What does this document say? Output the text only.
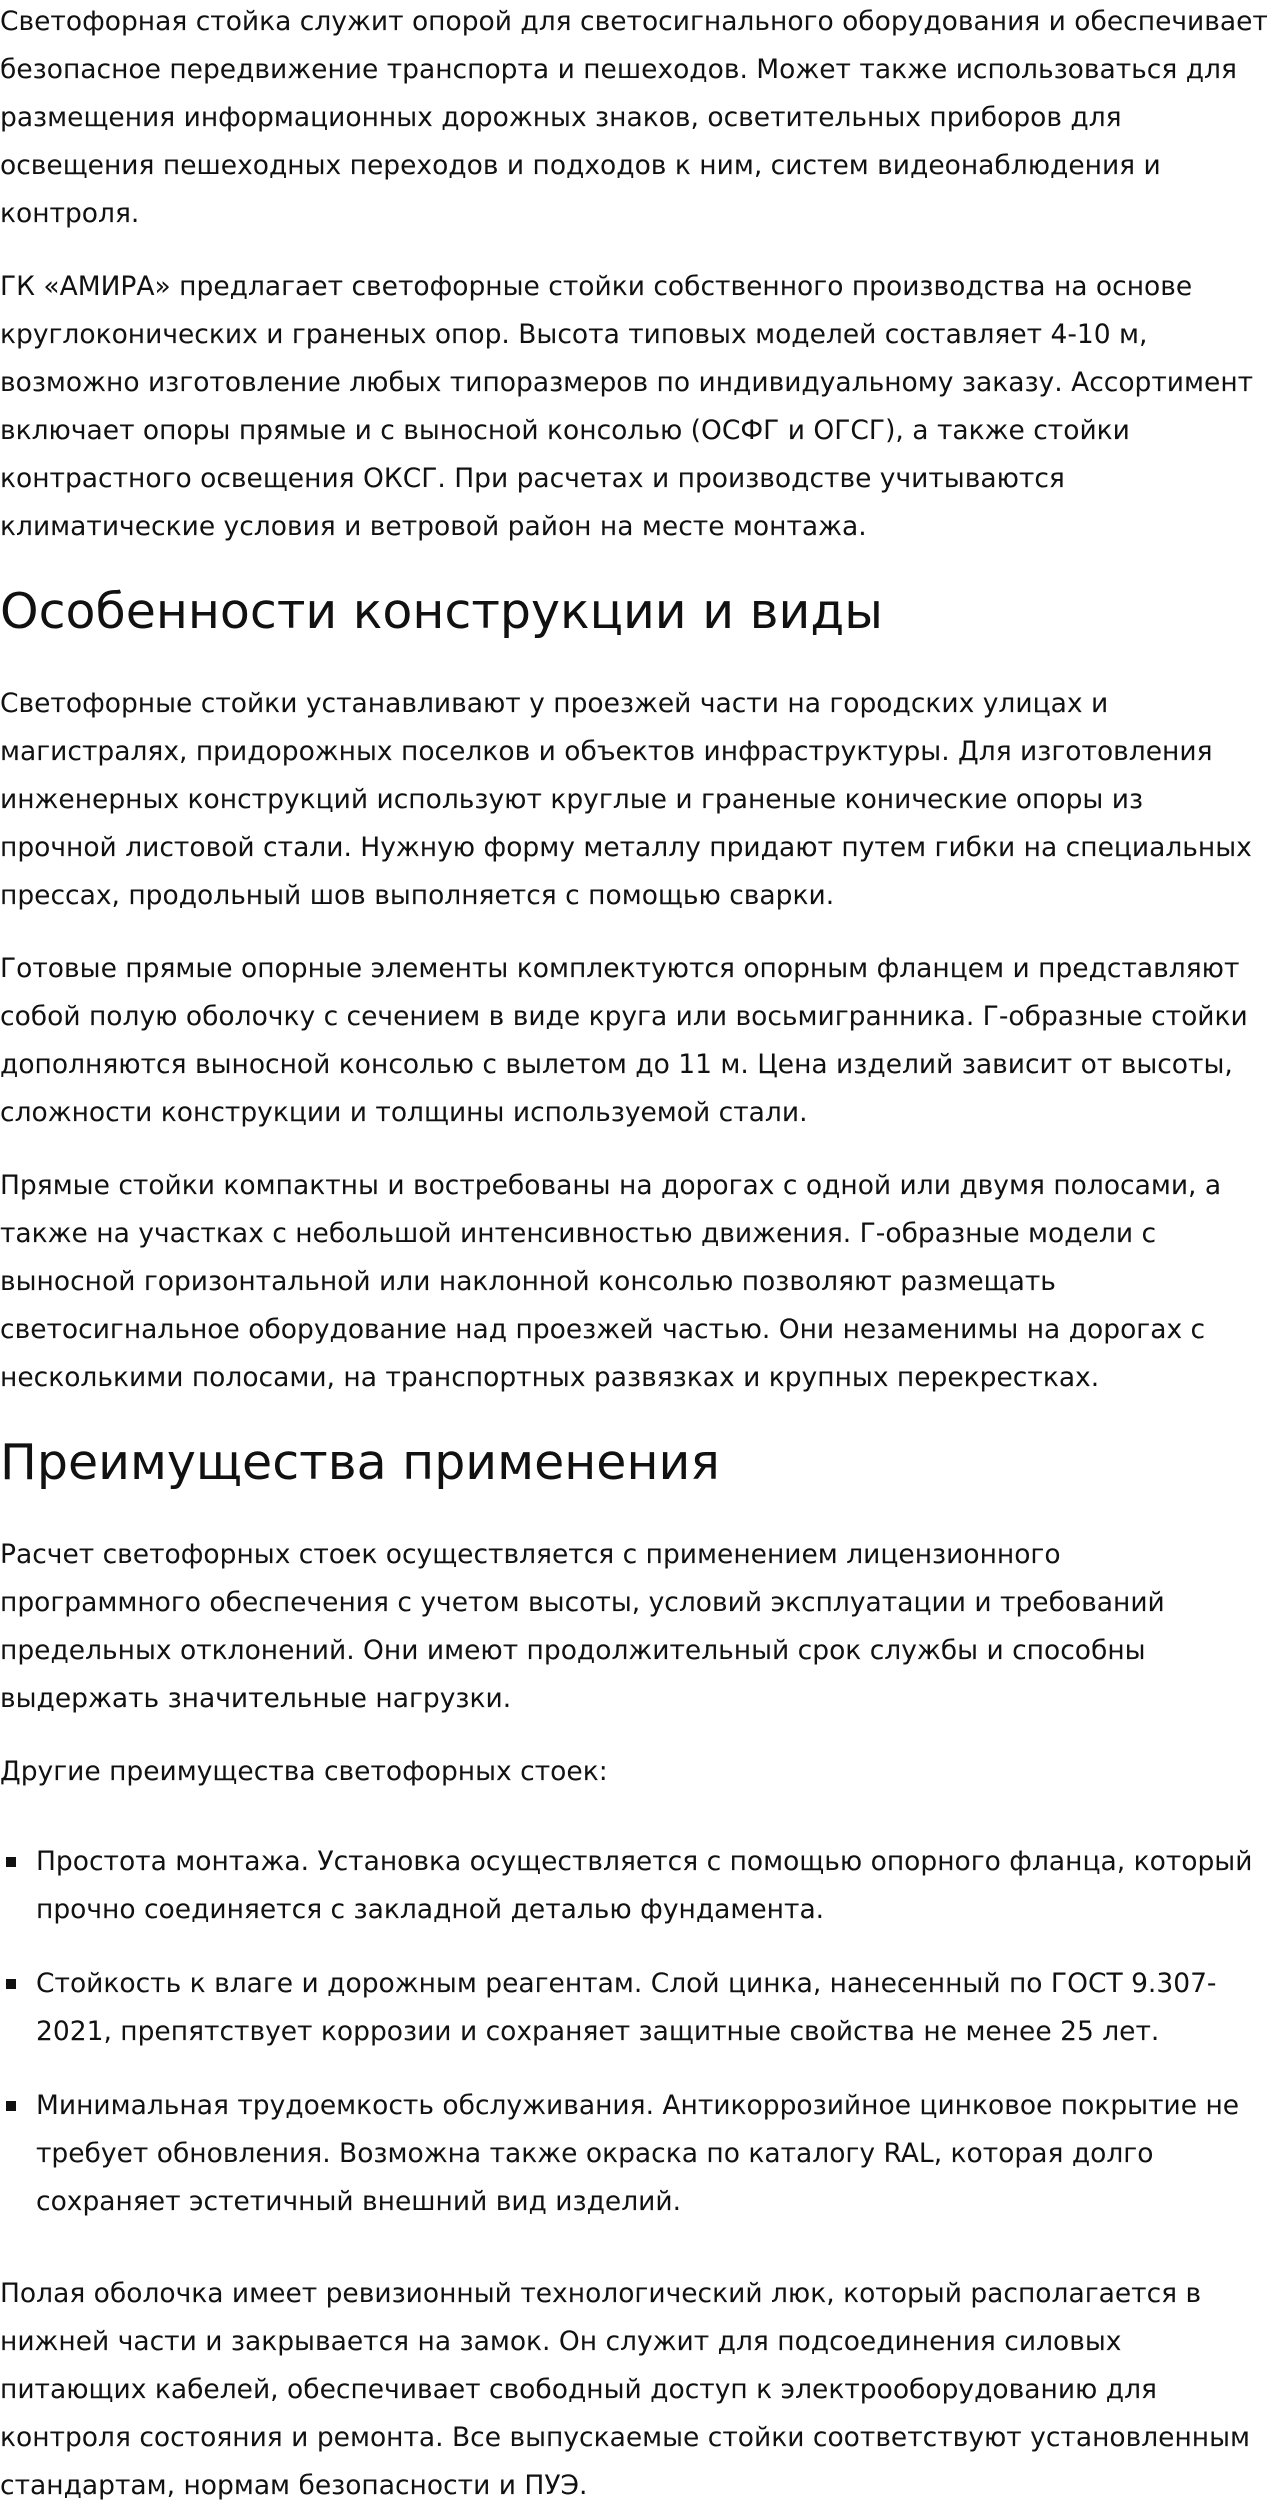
Светофорная стойка служит опорой для светосигнального оборудования и обеспечивает безопасное передвижение транспорта и пешеходов. Может также использоваться для размещения информационных дорожных знаков, осветительных приборов для освещения пешеходных переходов и подходов к ним, систем видеонаблюдения и контроля.

ГК «АМИРА» предлагает светофорные стойки собственного производства на основе круглоконических и граненых опор. Высота типовых моделей составляет 4-10 м, возможно изготовление любых типоразмеров по индивидуальному заказу. Ассортимент включает опоры прямые и с выносной консолью (ОСФГ и ОГСГ), а также стойки контрастного освещения ОКСГ. При расчетах и производстве учитываются климатические условия и ветровой район на месте монтажа.

Особенности конструкции и виды

Светофорные стойки устанавливают у проезжей части на городских улицах и магистралях, придорожных поселков и объектов инфраструктуры. Для изготовления инженерных конструкций используют круглые и граненые конические опоры из прочной листовой стали. Нужную форму металлу придают путем гибки на специальных прессах, продольный шов выполняется с помощью сварки.

Готовые прямые опорные элементы комплектуются опорным фланцем и представляют собой полую оболочку с сечением в виде круга или восьмигранника. Г-образные стойки дополняются выносной консолью с вылетом до 11 м. Цена изделий зависит от высоты, сложности конструкции и толщины используемой стали.

Прямые стойки компактны и востребованы на дорогах с одной или двумя полосами, а также на участках с небольшой интенсивностью движения. Г-образные модели с выносной горизонтальной или наклонной консолью позволяют размещать светосигнальное оборудование над проезжей частью. Они незаменимы на дорогах с несколькими полосами, на транспортных развязках и крупных перекрестках.

Преимущества применения

Расчет светофорных стоек осуществляется с применением лицензионного программного обеспечения с учетом высоты, условий эксплуатации и требований предельных отклонений. Они имеют продолжительный срок службы и способны выдержать значительные нагрузки.

Другие преимущества светофорных стоек:

Простота монтажа. Установка осуществляется с помощью опорного фланца, который прочно соединяется с закладной деталью фундамента.
Стойкость к влаге и дорожным реагентам. Слой цинка, нанесенный по ГОСТ 9.307-2021, препятствует коррозии и сохраняет защитные свойства не менее 25 лет.
Минимальная трудоемкость обслуживания. Антикоррозийное цинковое покрытие не требует обновления. Возможна также окраска по каталогу RAL, которая долго сохраняет эстетичный внешний вид изделий.

Полая оболочка имеет ревизионный технологический люк, который располагается в нижней части и закрывается на замок. Он служит для подсоединения силовых питающих кабелей, обеспечивает свободный доступ к электрооборудованию для контроля состояния и ремонта. Все выпускаемые стойки соответствуют установленным стандартам, нормам безопасности и ПУЭ.
